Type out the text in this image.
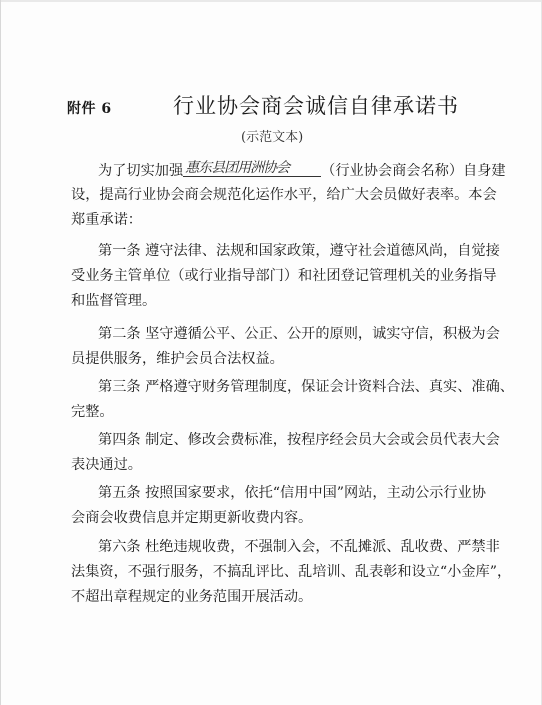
附件 6	行业协会商会诚信自律承诺书
(示范文本)
为了切实加强 惠东县团用洲协会 （行业协会商会名称）自身建
设，提高行业协会商会规范化运作水平，给广大会员做好表率。本会
郑重承诺：
第一条 遵守法律、法规和国家政策，遵守社会道德风尚，自觉接
受业务主管单位（或行业指导部门）和社团登记管理机关的业务指导
和监督管理。
第二条 坚守遵循公平、公正、公开的原则，诚实守信，积极为会
员提供服务，维护会员合法权益。
第三条 严格遵守财务管理制度，保证会计资料合法、真实、准确、
完整。
第四条 制定、修改会费标准，按程序经会员大会或会员代表大会
表决通过。
第五条 按照国家要求，依托“信用中国”网站，主动公示行业协
会商会收费信息并定期更新收费内容。
第六条 杜绝违规收费，不强制入会，不乱摊派、乱收费、严禁非
法集资，不强行服务，不搞乱评比、乱培训、乱表彰和设立“小金库”，
不超出章程规定的业务范围开展活动。
